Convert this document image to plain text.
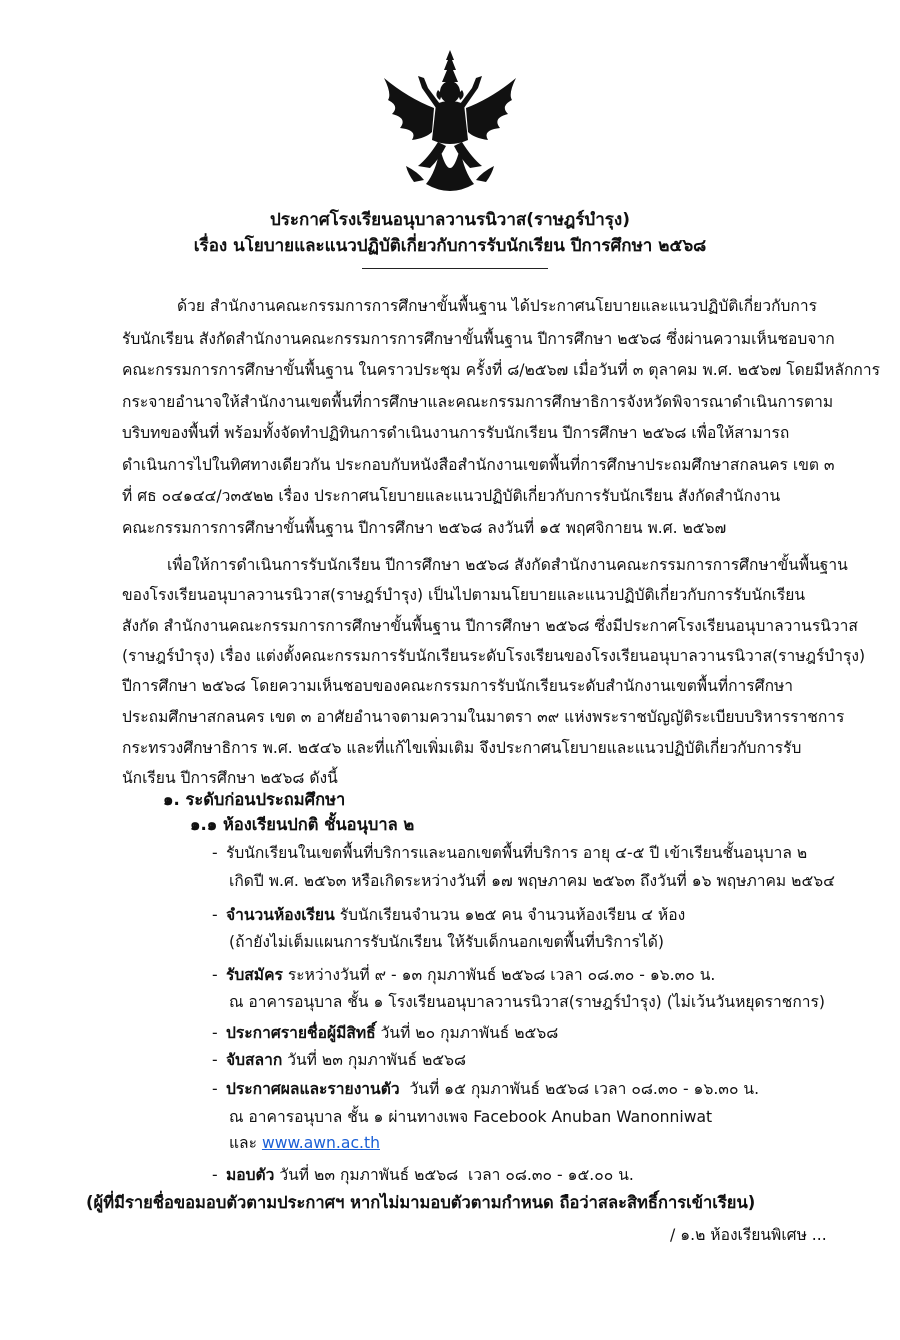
ประกาศโรงเรียนอนุบาลวานรนิวาส(ราษฎร์บำรุง)
เรื่อง นโยบายและแนวปฏิบัติเกี่ยวกับการรับนักเรียน ปีการศึกษา ๒๕๖๘
ด้วย สำนักงานคณะกรรมการการศึกษาขั้นพื้นฐาน ได้ประกาศนโยบายและแนวปฏิบัติเกี่ยวกับการ
รับนักเรียน สังกัดสำนักงานคณะกรรมการการศึกษาขั้นพื้นฐาน ปีการศึกษา ๒๕๖๘ ซึ่งผ่านความเห็นชอบจาก
คณะกรรมการการศึกษาขั้นพื้นฐาน ในคราวประชุม ครั้งที่ ๘/๒๕๖๗ เมื่อวันที่ ๓ ตุลาคม พ.ศ. ๒๕๖๗ โดยมีหลักการ
กระจายอำนาจให้สำนักงานเขตพื้นที่การศึกษาและคณะกรรมการศึกษาธิการจังหวัดพิจารณาดำเนินการตาม
บริบทของพื้นที่ พร้อมทั้งจัดทำปฏิทินการดำเนินงานการรับนักเรียน ปีการศึกษา ๒๕๖๘ เพื่อให้สามารถ
ดำเนินการไปในทิศทางเดียวกัน ประกอบกับหนังสือสำนักงานเขตพื้นที่การศึกษาประถมศึกษาสกลนคร เขต ๓
ที่ ศธ ๐๔๑๔๔/ว๓๕๒๒ เรื่อง ประกาศนโยบายและแนวปฏิบัติเกี่ยวกับการรับนักเรียน สังกัดสำนักงาน
คณะกรรมการการศึกษาขั้นพื้นฐาน ปีการศึกษา ๒๕๖๘ ลงวันที่ ๑๕ พฤศจิกายน พ.ศ. ๒๕๖๗
เพื่อให้การดำเนินการรับนักเรียน ปีการศึกษา ๒๕๖๘ สังกัดสำนักงานคณะกรรมการการศึกษาขั้นพื้นฐาน
ของโรงเรียนอนุบาลวานรนิวาส(ราษฎร์บำรุง) เป็นไปตามนโยบายและแนวปฏิบัติเกี่ยวกับการรับนักเรียน
สังกัด สำนักงานคณะกรรมการการศึกษาขั้นพื้นฐาน ปีการศึกษา ๒๕๖๘ ซึ่งมีประกาศโรงเรียนอนุบาลวานรนิวาส
(ราษฎร์บำรุง) เรื่อง แต่งตั้งคณะกรรมการรับนักเรียนระดับโรงเรียนของโรงเรียนอนุบาลวานรนิวาส(ราษฎร์บำรุง)
ปีการศึกษา ๒๕๖๘ โดยความเห็นชอบของคณะกรรมการรับนักเรียนระดับสำนักงานเขตพื้นที่การศึกษา
ประถมศึกษาสกลนคร เขต ๓ อาศัยอำนาจตามความในมาตรา ๓๙ แห่งพระราชบัญญัติระเบียบบริหารราชการ
กระทรวงศึกษาธิการ พ.ศ. ๒๕๔๖ และที่แก้ไขเพิ่มเติม จึงประกาศนโยบายและแนวปฏิบัติเกี่ยวกับการรับ
นักเรียน ปีการศึกษา ๒๕๖๘ ดังนี้
๑. ระดับก่อนประถมศึกษา
๑.๑ ห้องเรียนปกติ ชั้นอนุบาล ๒
- รับนักเรียนในเขตพื้นที่บริการและนอกเขตพื้นที่บริการ อายุ ๔-๕ ปี เข้าเรียนชั้นอนุบาล ๒
เกิดปี พ.ศ. ๒๕๖๓ หรือเกิดระหว่างวันที่ ๑๗ พฤษภาคม ๒๕๖๓ ถึงวันที่ ๑๖ พฤษภาคม ๒๕๖๔
- จำนวนห้องเรียน รับนักเรียนจำนวน ๑๒๕ คน จำนวนห้องเรียน ๔ ห้อง
(ถ้ายังไม่เต็มแผนการรับนักเรียน ให้รับเด็กนอกเขตพื้นที่บริการได้)
- รับสมัคร ระหว่างวันที่ ๙ - ๑๓ กุมภาพันธ์ ๒๕๖๘ เวลา ๐๘.๓๐ - ๑๖.๓๐ น.
ณ อาคารอนุบาล ชั้น ๑ โรงเรียนอนุบาลวานรนิวาส(ราษฎร์บำรุง) (ไม่เว้นวันหยุดราชการ)
- ประกาศรายชื่อผู้มีสิทธิ์ วันที่ ๒๐ กุมภาพันธ์ ๒๕๖๘
- จับสลาก วันที่ ๒๓ กุมภาพันธ์ ๒๕๖๘
- ประกาศผลและรายงานตัว  วันที่ ๑๕ กุมภาพันธ์ ๒๕๖๘ เวลา ๐๘.๓๐ - ๑๖.๓๐ น.
ณ อาคารอนุบาล ชั้น ๑ ผ่านทางเพจ Facebook Anuban Wanonniwat
- มอบตัว วันที่ ๒๓ กุมภาพันธ์ ๒๕๖๘  เวลา ๐๘.๓๐ - ๑๕.๐๐ น.
และ www.awn.ac.th
(ผู้ที่มีรายชื่อขอมอบตัวตามประกาศฯ หากไม่มามอบตัวตามกำหนด ถือว่าสละสิทธิ์การเข้าเรียน)
/ ๑.๒ ห้องเรียนพิเศษ ...
